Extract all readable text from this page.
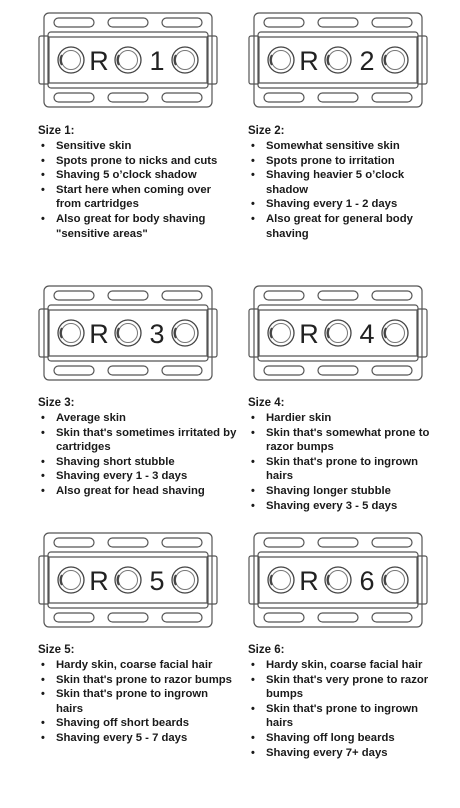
R 1
Size 1:
• Sensitive skin
• Spots prone to nicks and cuts
• Shaving 5 o’clock shadow
• Start here when coming over from cartridges
• Also great for body shaving "sensitive areas"
R 2
Size 2:
• Somewhat sensitive skin
• Spots prone to irritation
• Shaving heavier 5 o’clock shadow
• Shaving every 1 - 2 days
• Also great for general body shaving
R 3
Size 3:
• Average skin
• Skin that's sometimes irritated by cartridges
• Shaving short stubble
• Shaving every 1 - 3 days
• Also great for head shaving
R 4
Size 4:
• Hardier skin
• Skin that's somewhat prone to razor bumps
• Skin that's prone to ingrown hairs
• Shaving longer stubble
• Shaving every 3 - 5 days
R 5
Size 5:
• Hardy skin, coarse facial hair
• Skin that's prone to razor bumps
• Skin that's prone to ingrown hairs
• Shaving off short beards
• Shaving every 5 - 7 days
R 6
Size 6:
• Hardy skin, coarse facial hair
• Skin that's very prone to razor bumps
• Skin that's prone to ingrown hairs
• Shaving off long beards
• Shaving every 7+ days
